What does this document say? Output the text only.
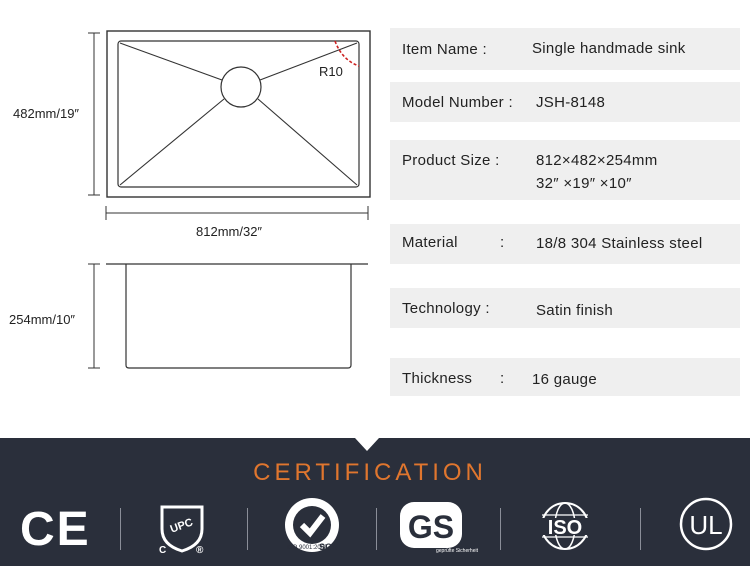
482mm/19″
812mm/32″
R10
254mm/10″
Item Name :	Single handmade sink
Model Number : JSH-8148
Product Size : 812×482×254mm
32″ ×19″ ×10″
Material	: 18/8 304 Stainless steel
Technology :	Satin finish
Thickness : 16 gauge
CERTIFICATION
CE	UPC
C	®	ISO 9001:2000
SGS
GS
geprüfte Sicherheit
ISO	UL
